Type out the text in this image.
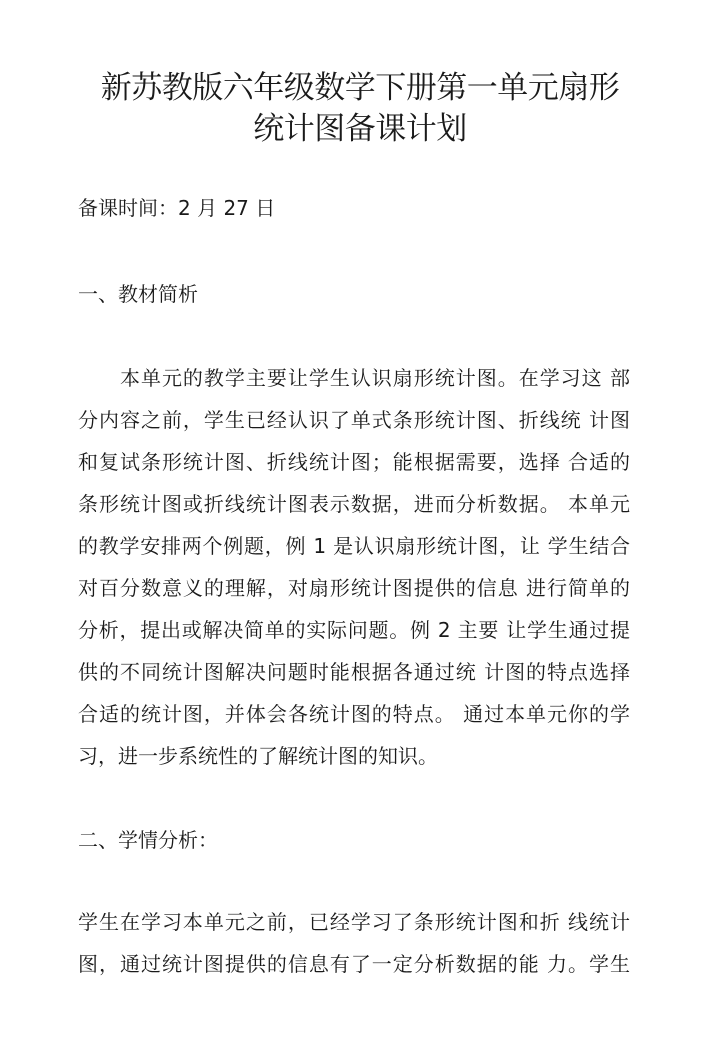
新苏教版六年级数学下册第一单元扇形
统计图备课计划
备课时间：2 月 27 日
一、教材简析
　　本单元的教学主要让学生认识扇形统计图。在学习这 部
分内容之前，学生已经认识了单式条形统计图、折线统 计图
和复试条形统计图、折线统计图；能根据需要，选择 合适的
条形统计图或折线统计图表示数据，进而分析数据。 本单元
的教学安排两个例题，例 1 是认识扇形统计图，让 学生结合
对百分数意义的理解，对扇形统计图提供的信息 进行简单的
分析，提出或解决简单的实际问题。例 2 主要 让学生通过提
供的不同统计图解决问题时能根据各通过统 计图的特点选择
合适的统计图，并体会各统计图的特点。 通过本单元你的学
习，进一步系统性的了解统计图的知识。
二、学情分析：
学生在学习本单元之前，已经学习了条形统计图和折 线统计
图，通过统计图提供的信息有了一定分析数据的能 力。学生
